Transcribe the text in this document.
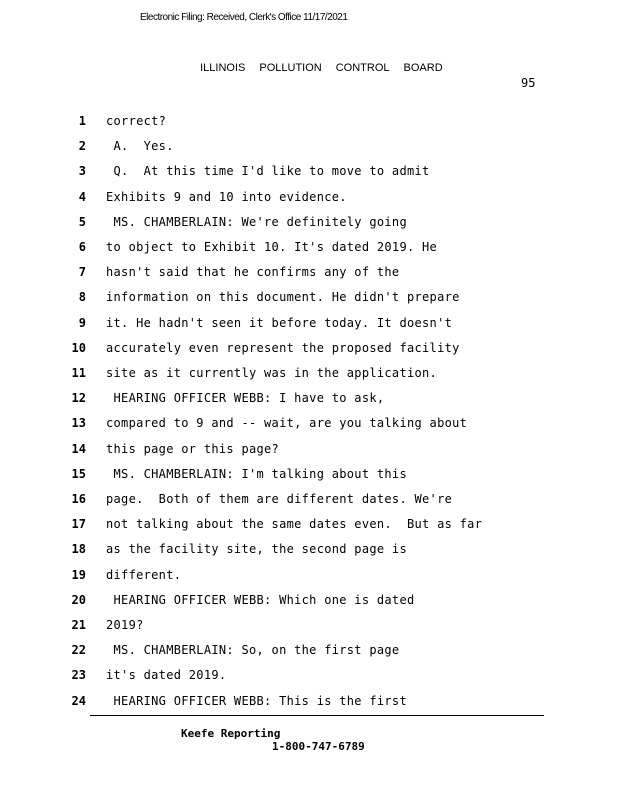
Electronic Filing: Received, Clerk's Office 11/17/2021

ILLINOIS POLLUTION CONTROL BOARD

95
1 correct?
2 A.  Yes.
3 Q.  At this time I'd like to move to admit
4 Exhibits 9 and 10 into evidence.
5 MS. CHAMBERLAIN: We're definitely going
6 to object to Exhibit 10. It's dated 2019. He
7 hasn't said that he confirms any of the
8 information on this document. He didn't prepare
9 it. He hadn't seen it before today. It doesn't
10 accurately even represent the proposed facility
11 site as it currently was in the application.
12 HEARING OFFICER WEBB: I have to ask,
13 compared to 9 and -- wait, are you talking about
14 this page or this page?
15 MS. CHAMBERLAIN: I'm talking about this
16 page.  Both of them are different dates. We're
17 not talking about the same dates even.  But as far
18 as the facility site, the second page is
19 different.
20 HEARING OFFICER WEBB: Which one is dated
21 2019?
22 MS. CHAMBERLAIN: So, on the first page
23 it's dated 2019.
24 HEARING OFFICER WEBB: This is the first
Keefe Reporting
1-800-747-6789
